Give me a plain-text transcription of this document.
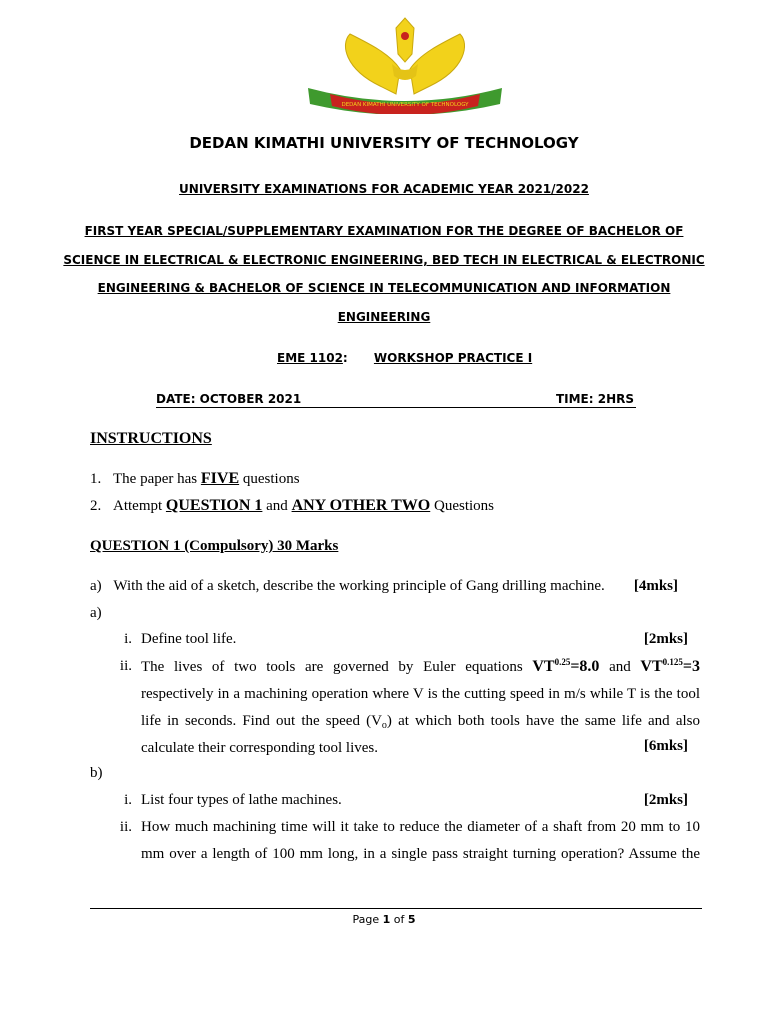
DEDAN KIMATHI UNIVERSITY OF TECHNOLOGY
DEDAN KIMATHI UNIVERSITY OF TECHNOLOGY
UNIVERSITY EXAMINATIONS FOR ACADEMIC YEAR 2021/2022
FIRST YEAR SPECIAL/SUPPLEMENTARY EXAMINATION FOR THE DEGREE OF BACHELOR OF
SCIENCE IN ELECTRICAL & ELECTRONIC ENGINEERING, BED TECH IN ELECTRICAL & ELECTRONIC
ENGINEERING & BACHELOR OF SCIENCE IN TELECOMMUNICATION AND INFORMATION
ENGINEERING
EME 1102: WORKSHOP PRACTICE I
DATE: OCTOBER 2021	TIME: 2HRS
INSTRUCTIONS
1. The paper has FIVE questions
2. Attempt QUESTION 1 and ANY OTHER TWO Questions
QUESTION 1 (Compulsory) 30 Marks
a) With the aid of a sketch, describe the working principle of Gang drilling machine. [4mks]
a)
i. Define tool life.	[2mks]
ii. The lives of two tools are governed by Euler equations $VT^{0.25}=8.0$ and $VT^{0.125}=3$ respectively in a machining operation where V is the cutting speed in m/s while T is the tool life in seconds. Find out the speed $(V_o)$ at which both tools have the same life and also calculate their corresponding tool lives.	[6mks]
b)
i. List four types of lathe machines.	[2mks]
ii. How much machining time will it take to reduce the diameter of a shaft from 20 mm to 10 mm over a length of 100 mm long, in a single pass straight turning operation? Assume the
Page 1 of 5
